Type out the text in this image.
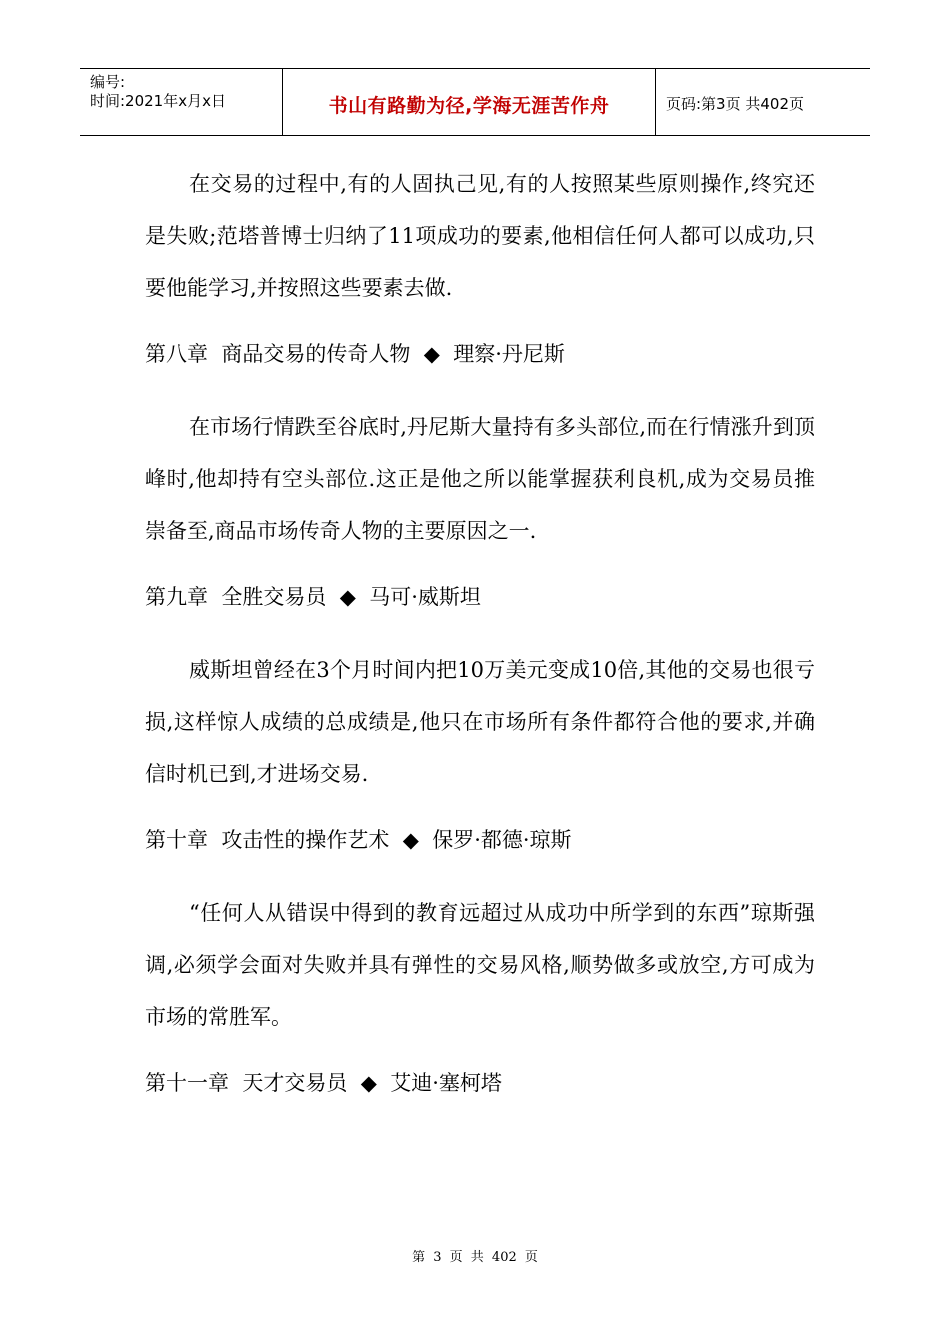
编号:
时间:2021年x月x日	书山有路勤为径,学海无涯苦作舟	页码:第3页 共402页

在交易的过程中,有的人固执己见,有的人按照某些原则操作,终究还是失败;范塔普博士归纳了11项成功的要素,他相信任何人都可以成功,只要他能学习,并按照这些要素去做.

第八章  商品交易的传奇人物  ◆  理察·丹尼斯

在市场行情跌至谷底时,丹尼斯大量持有多头部位,而在行情涨升到顶峰时,他却持有空头部位.这正是他之所以能掌握获利良机,成为交易员推崇备至,商品市场传奇人物的主要原因之一.

第九章  全胜交易员  ◆  马可·威斯坦

威斯坦曾经在3个月时间内把10万美元变成10倍,其他的交易也很亏损,这样惊人成绩的总成绩是,他只在市场所有条件都符合他的要求,并确信时机已到,才进场交易.

第十章  攻击性的操作艺术  ◆  保罗·都德·琼斯

“任何人从错误中得到的教育远超过从成功中所学到的东西”琼斯强调,必须学会面对失败并具有弹性的交易风格,顺势做多或放空,方可成为市场的常胜军。

第十一章  天才交易员  ◆  艾迪·塞柯塔

第 3 页 共 402 页
